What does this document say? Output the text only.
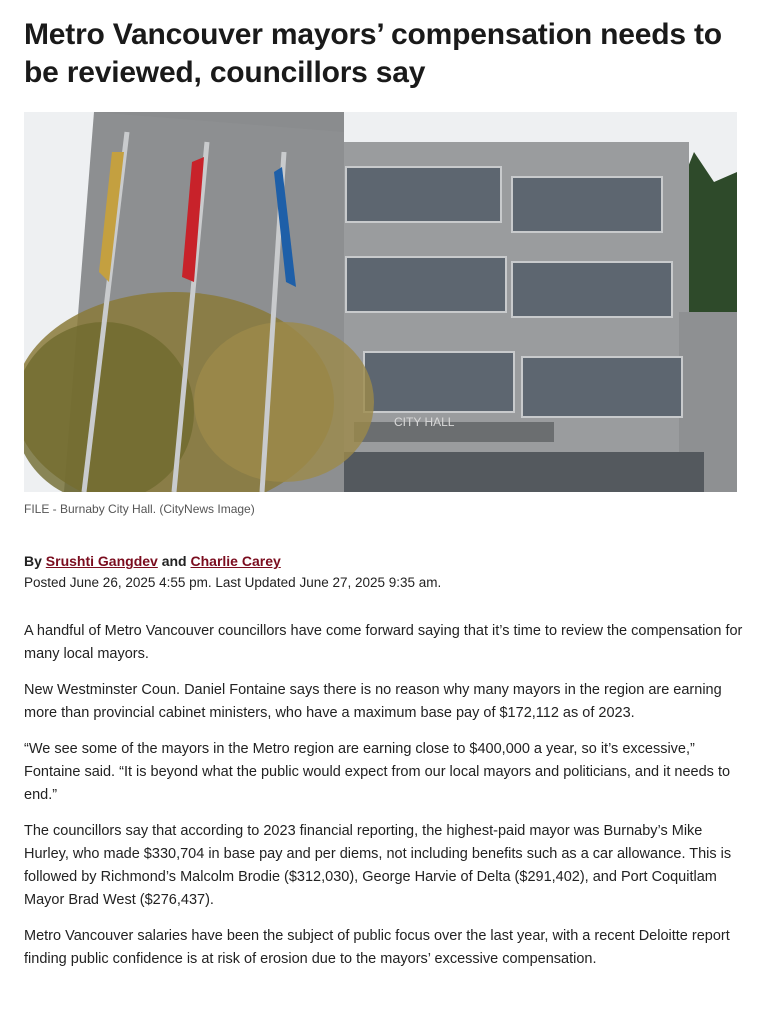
Metro Vancouver mayors’ compensation needs to be reviewed, councillors say
CITY HALL
FILE - Burnaby City Hall. (CityNews Image)
By Srushti Gangdev and Charlie Carey
Posted June 26, 2025 4:55 pm. Last Updated June 27, 2025 9:35 am.

A handful of Metro Vancouver councillors have come forward saying that it’s time to review the compensation for many local mayors.

New Westminster Coun. Daniel Fontaine says there is no reason why many mayors in the region are earning more than provincial cabinet ministers, who have a maximum base pay of $172,112 as of 2023.

“We see some of the mayors in the Metro region are earning close to $400,000 a year, so it’s excessive,” Fontaine said. “It is beyond what the public would expect from our local mayors and politicians, and it needs to end.”

The councillors say that according to 2023 financial reporting, the highest-paid mayor was Burnaby’s Mike Hurley, who made $330,704 in base pay and per diems, not including benefits such as a car allowance. This is followed by Richmond’s Malcolm Brodie ($312,030), George Harvie of Delta ($291,402), and Port Coquitlam Mayor Brad West ($276,437).

Metro Vancouver salaries have been the subject of public focus over the last year, with a recent Deloitte report finding public confidence is at risk of erosion due to the mayors’ excessive compensation.
